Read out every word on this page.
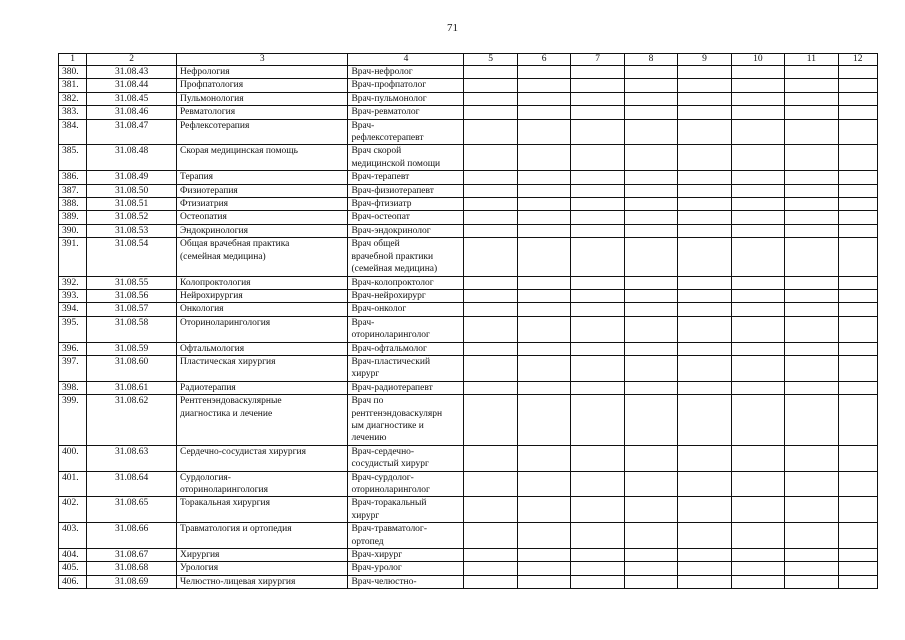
71
1	2	3	4	5	6	7	8	9	10	11	12
380.	31.08.43	Нефрология	Врач-нефролог								
381.	31.08.44	Профпатология	Врач-профпатолог								
382.	31.08.45	Пульмонология	Врач-пульмонолог								
383.	31.08.46	Ревматология	Врач-ревматолог								
384.	31.08.47	Рефлексотерапия	Врач-
рефлексотерапевт								
385.	31.08.48	Скорая медицинская помощь	Врач скорой
медицинской помощи								
386.	31.08.49	Терапия	Врач-терапевт								
387.	31.08.50	Физиотерапия	Врач-физиотерапевт								
388.	31.08.51	Фтизиатрия	Врач-фтизиатр								
389.	31.08.52	Остеопатия	Врач-остеопат								
390.	31.08.53	Эндокринология	Врач-эндокринолог								
391.	31.08.54	Общая врачебная практика
(семейная медицина)	Врач общей
врачебной практики
(семейная медицина)								
392.	31.08.55	Колопроктология	Врач-колопроктолог								
393.	31.08.56	Нейрохирургия	Врач-нейрохирург								
394.	31.08.57	Онкология	Врач-онколог								
395.	31.08.58	Оториноларингология	Врач-
оториноларинголог								
396.	31.08.59	Офтальмология	Врач-офтальмолог								
397.	31.08.60	Пластическая хирургия	Врач-пластический
хирург								
398.	31.08.61	Радиотерапия	Врач-радиотерапевт								
399.	31.08.62	Рентгенэндоваскулярные
диагностика и лечение	Врач по
рентгенэндоваскулярн
ым диагностике и
лечению								
400.	31.08.63	Сердечно-сосудистая хирургия	Врач-сердечно-
сосудистый хирург								
401.	31.08.64	Сурдология-
оториноларингология	Врач-сурдолог-
оториноларинголог								
402.	31.08.65	Торакальная хирургия	Врач-торакальный
хирург								
403.	31.08.66	Травматология и ортопедия	Врач-травматолог-
ортопед								
404.	31.08.67	Хирургия	Врач-хирург								
405.	31.08.68	Урология	Врач-уролог								
406.	31.08.69	Челюстно-лицевая хирургия	Врач-челюстно-								
